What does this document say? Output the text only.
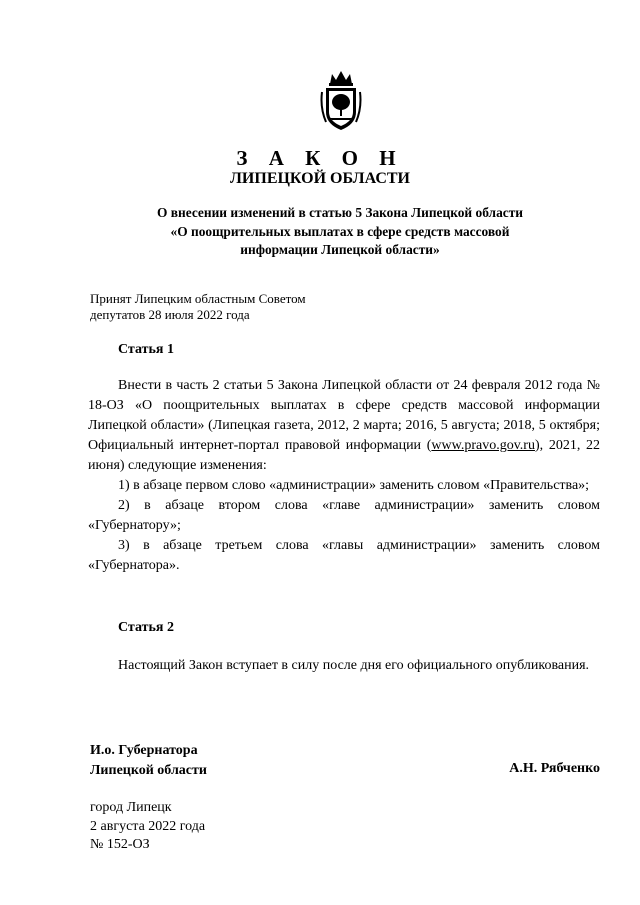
З А К О Н
ЛИПЕЦКОЙ ОБЛАСТИ
О внесении изменений в статью 5 Закона Липецкой области
«О поощрительных выплатах в сфере средств массовой
информации Липецкой области»
Принят Липецким областным Советом
депутатов 28 июля 2022 года
Статья 1

Внести в часть 2 статьи 5 Закона Липецкой области от 24 февраля 2012 года № 18-ОЗ «О поощрительных выплатах в сфере средств массовой информации Липецкой области» (Липецкая газета, 2012, 2 марта; 2016, 5 августа; 2018, 5 октября; Официальный интернет-портал правовой информации (www.pravo.gov.ru), 2021, 22 июня) следующие изменения:

1) в абзаце первом слово «администрации» заменить словом «Правительства»;

2) в абзаце втором слова «главе администрации» заменить словом «Губернатору»;

3) в абзаце третьем слова «главы администрации» заменить словом «Губернатора».

Статья 2

Настоящий Закон вступает в силу после дня его официального опубликования.

И.о. Губернатора
Липецкой области	А.Н. Рябченко
город Липецк
2 августа 2022 года
№ 152-ОЗ
